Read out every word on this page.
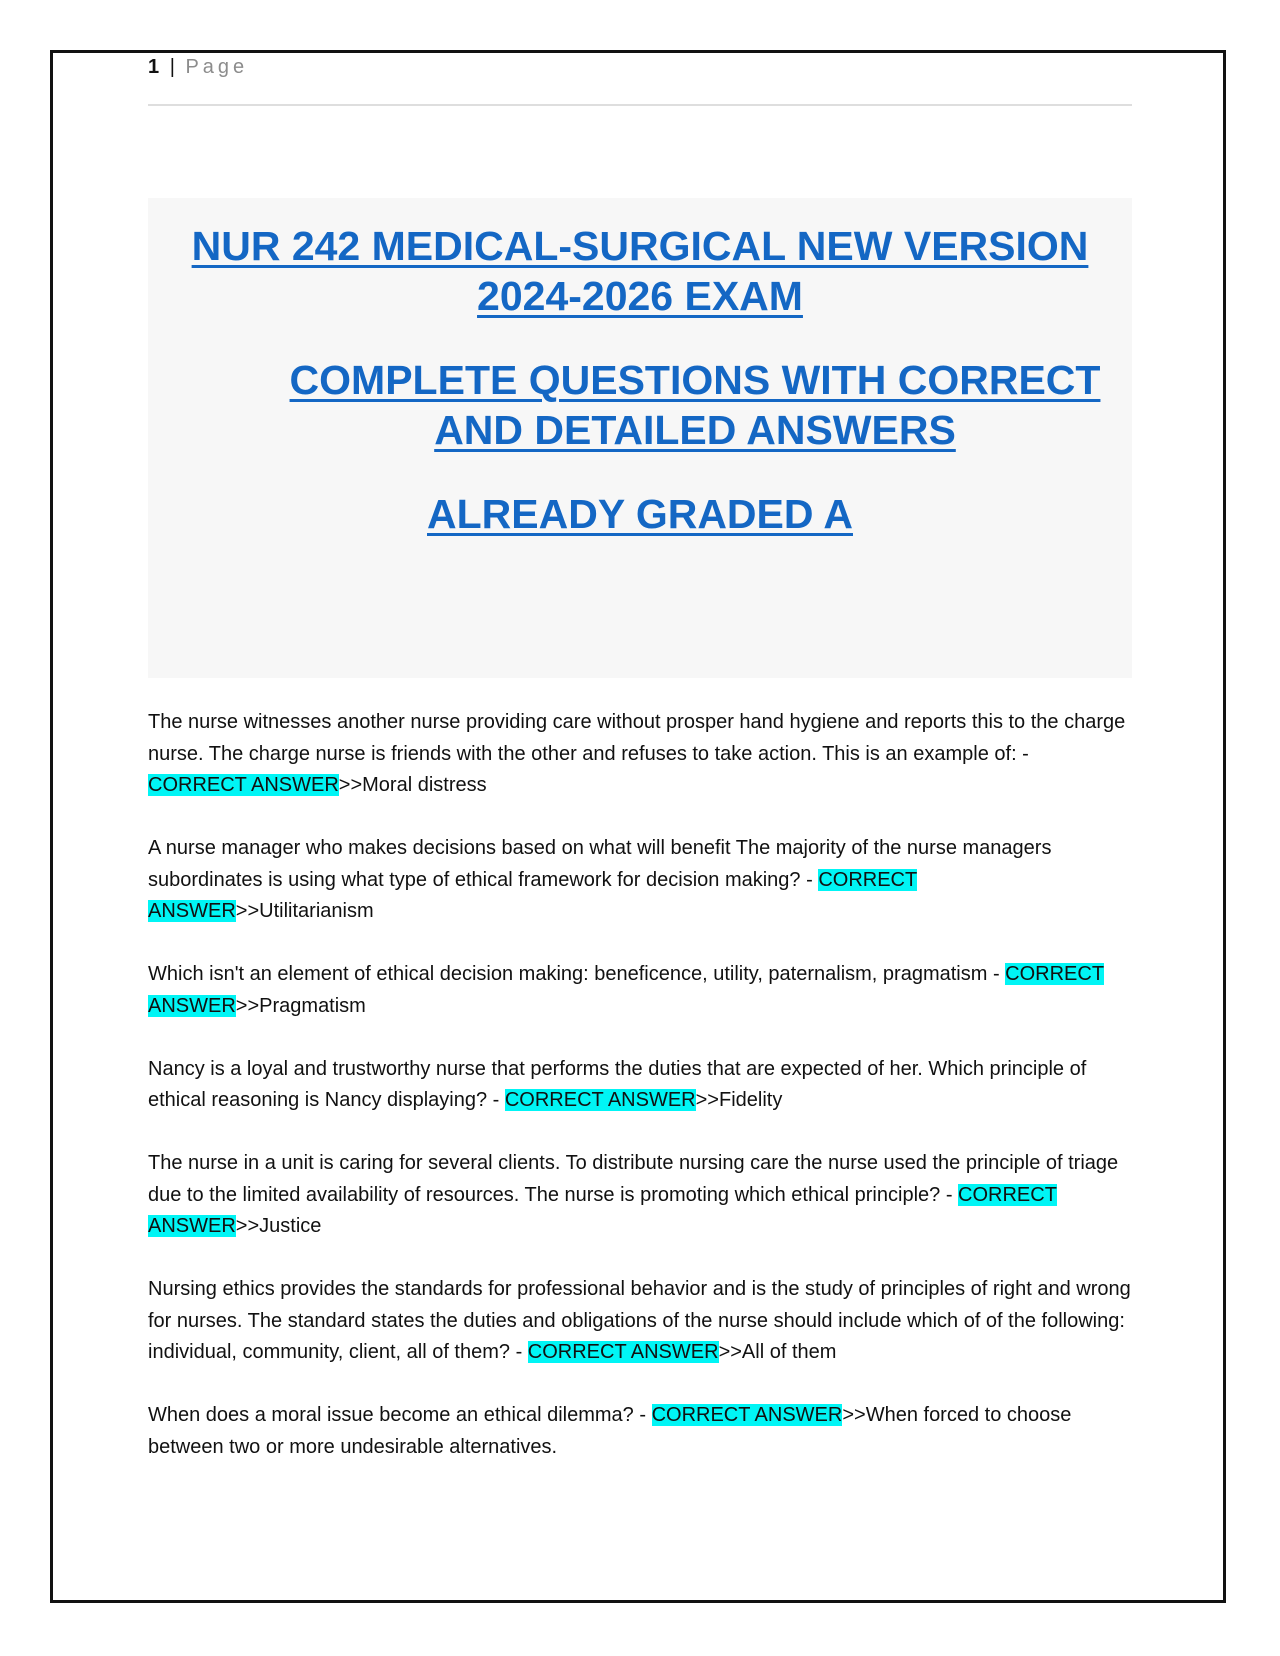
1 | Page
NUR 242 MEDICAL-SURGICAL NEW VERSION
2024-2026 EXAM
COMPLETE QUESTIONS WITH CORRECT
AND DETAILED ANSWERS
ALREADY GRADED A

The nurse witnesses another nurse providing care without prosper hand hygiene and reports this to the charge nurse. The charge nurse is friends with the other and refuses to take action. This is an example of: - CORRECT ANSWER>>Moral distress

A nurse manager who makes decisions based on what will benefit The majority of the nurse managers subordinates is using what type of ethical framework for decision making? - CORRECT ANSWER>>Utilitarianism

Which isn't an element of ethical decision making: beneficence, utility, paternalism, pragmatism - CORRECT ANSWER>>Pragmatism

Nancy is a loyal and trustworthy nurse that performs the duties that are expected of her. Which principle of ethical reasoning is Nancy displaying? - CORRECT ANSWER>>Fidelity

The nurse in a unit is caring for several clients. To distribute nursing care the nurse used the principle of triage due to the limited availability of resources. The nurse is promoting which ethical principle? - CORRECT ANSWER>>Justice

Nursing ethics provides the standards for professional behavior and is the study of principles of right and wrong for nurses. The standard states the duties and obligations of the nurse should include which of of the following: individual, community, client, all of them? - CORRECT ANSWER>>All of them

When does a moral issue become an ethical dilemma? - CORRECT ANSWER>>When forced to choose between two or more undesirable alternatives.
